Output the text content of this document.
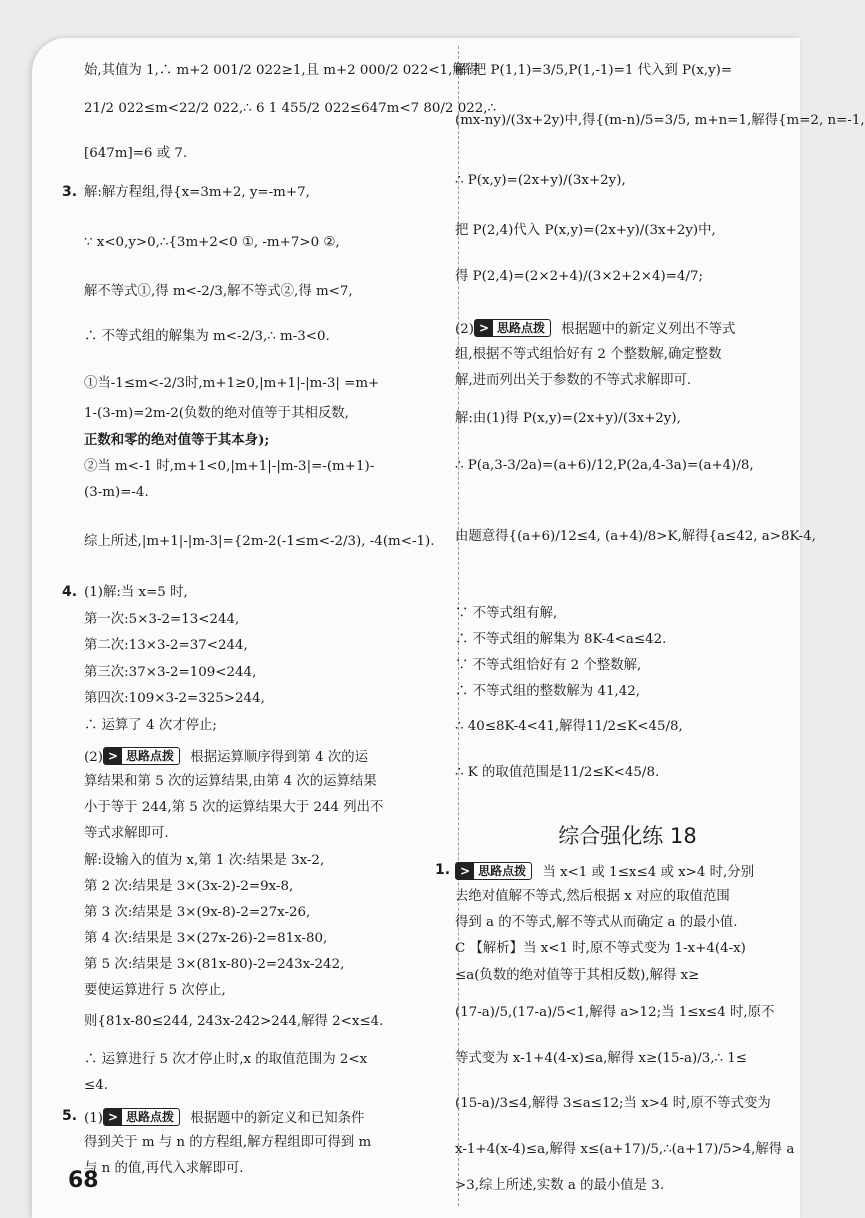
始,其值为 1,∴ m+2 001/2 022≥1,且 m+2 000/2 022<1,解得
21/2 022≤m<22/2 022,∴ 6 1 455/2 022≤647m<7 80/2 022,∴
[647m]=6 或 7.
3. 解:解方程组,得{x=3m+2, y=-m+7,
∵ x<0,y>0,∴{3m+2<0 ①, -m+7>0 ②,
解不等式①,得 m<-2/3,解不等式②,得 m<7,
∴ 不等式组的解集为 m<-2/3,∴ m-3<0.
①当-1≤m<-2/3时,m+1≥0,|m+1|-|m-3| =m+
1-(3-m)=2m-2(负数的绝对值等于其相反数,
正数和零的绝对值等于其本身);
②当 m<-1 时,m+1<0,|m+1|-|m-3|=-(m+1)-
(3-m)=-4.
综上所述,|m+1|-|m-3|={2m-2(-1≤m<-2/3), -4(m<-1).
4. (1)解:当 x=5 时,
第一次:5×3-2=13<244,
第二次:13×3-2=37<244,
第三次:37×3-2=109<244,
第四次:109×3-2=325>244,
∴ 运算了 4 次才停止;
(2) > 思路点拨 根据运算顺序得到第 4 次的运
算结果和第 5 次的运算结果,由第 4 次的运算结果
小于等于 244,第 5 次的运算结果大于 244 列出不
等式求解即可.
解:设输入的值为 x,第 1 次:结果是 3x-2,
第 2 次:结果是 3×(3x-2)-2=9x-8,
第 3 次:结果是 3×(9x-8)-2=27x-26,
第 4 次:结果是 3×(27x-26)-2=81x-80,
第 5 次:结果是 3×(81x-80)-2=243x-242,
要使运算进行 5 次停止,
则{81x-80≤244, 243x-242>244,解得 2<x≤4.
∴ 运算进行 5 次才停止时,x 的取值范围为 2<x
≤4.
5. (1) > 思路点拨 根据题中的新定义和已知条件
得到关于 m 与 n 的方程组,解方程组即可得到 m
与 n 的值,再代入求解即可.
解:把 P(1,1)=3/5,P(1,-1)=1 代入到 P(x,y)=
(mx-ny)/(3x+2y)中,得{(m-n)/5=3/5, m+n=1,解得{m=2, n=-1,
∴ P(x,y)=(2x+y)/(3x+2y),
把 P(2,4)代入 P(x,y)=(2x+y)/(3x+2y)中,
得 P(2,4)=(2×2+4)/(3×2+2×4)=4/7;
(2) > 思路点拨 根据题中的新定义列出不等式
组,根据不等式组恰好有 2 个整数解,确定整数
解,进而列出关于参数的不等式求解即可.
解:由(1)得 P(x,y)=(2x+y)/(3x+2y),
∴ P(a,3-3/2a)=(a+6)/12,P(2a,4-3a)=(a+4)/8,
由题意得{(a+6)/12≤4, (a+4)/8>K,解得{a≤42, a>8K-4,
∵ 不等式组有解,
∴ 不等式组的解集为 8K-4<a≤42.
∵ 不等式组恰好有 2 个整数解,
∴ 不等式组的整数解为 41,42,
∴ 40≤8K-4<41,解得11/2≤K<45/8,
∴ K 的取值范围是11/2≤K<45/8.
综合强化练 18
1. > 思路点拨 当 x<1 或 1≤x≤4 或 x>4 时,分别
去绝对值解不等式,然后根据 x 对应的取值范围
得到 a 的不等式,解不等式从而确定 a 的最小值.
C 【解析】当 x<1 时,原不等式变为 1-x+4(4-x)
≤a(负数的绝对值等于其相反数),解得 x≥
(17-a)/5,(17-a)/5<1,解得 a>12;当 1≤x≤4 时,原不
等式变为 x-1+4(4-x)≤a,解得 x≥(15-a)/3,∴ 1≤
(15-a)/3≤4,解得 3≤a≤12;当 x>4 时,原不等式变为
x-1+4(x-4)≤a,解得 x≤(a+17)/5,∴(a+17)/5>4,解得 a
>3,综上所述,实数 a 的最小值是 3.
68
